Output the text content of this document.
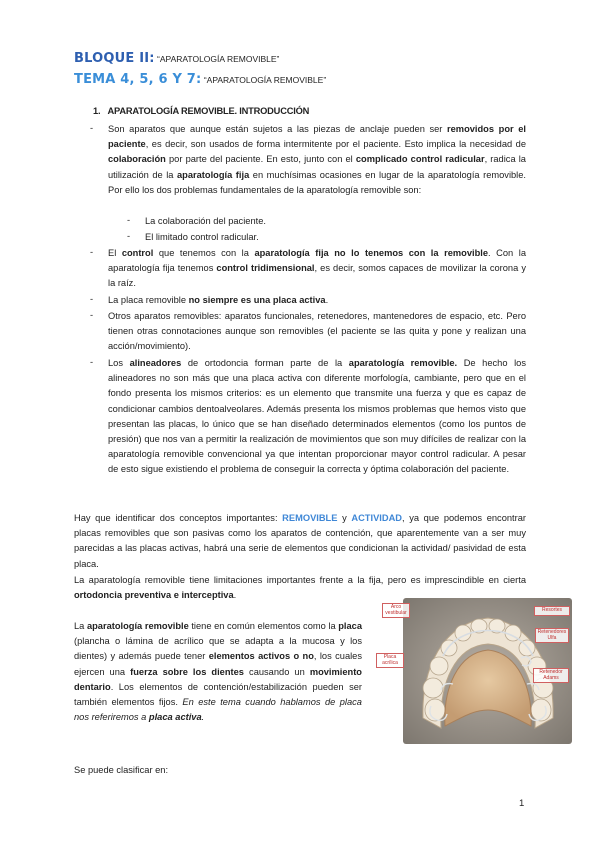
BLOQUE II: “APARATOLOGÍA REMOVIBLE”
TEMA 4, 5, 6 Y 7: “APARATOLOGÍA REMOVIBLE”
1. APARATOLOGÍA REMOVIBLE. INTRODUCCIÓN
- Son aparatos que aunque están sujetos a las piezas de anclaje pueden ser removidos por el paciente, es decir, son usados de forma intermitente por el paciente. Esto implica la necesidad de colaboración por parte del paciente. En esto, junto con el complicado control radicular, radica la utilización de la aparatología fija en muchísimas ocasiones en lugar de la aparatología removible. Por ello los dos problemas fundamentales de la aparatología removible son:
- La colaboración del paciente.
- El limitado control radicular.
- El control que tenemos con la aparatología fija no lo tenemos con la removible. Con la aparatología fija tenemos control tridimensional, es decir, somos capaces de movilizar la corona y la raíz.
- La placa removible no siempre es una placa activa.
- Otros aparatos removibles: aparatos funcionales, retenedores, mantenedores de espacio, etc. Pero tienen otras connotaciones aunque son removibles (el paciente se las quita y pone y realizan una acción/movimiento).
- Los alineadores de ortodoncia forman parte de la aparatología removible. De hecho los alineadores no son más que una placa activa con diferente morfología, cambiante, pero que en el fondo presenta los mismos criterios: es un elemento que transmite una fuerza y que es capaz de condicionar cambios dentoalveolares. Además presenta los mismos problemas que hemos visto que presentan las placas, lo único que se han diseñado determinados elementos (como los puntos de presión) que nos van a permitir la realización de movimientos que son muy difíciles de realizar con la aparatología removible convencional ya que intentan proporcionar mayor control radicular. A pesar de esto sigue existiendo el problema de conseguir la correcta y óptima colaboración del paciente.
Hay que identificar dos conceptos importantes: REMOVIBLE y ACTIVIDAD, ya que podemos encontrar placas removibles que son pasivas como los aparatos de contención, que aparentemente van a ser muy parecidas a las placas activas, habrá una serie de elementos que condicionan la actividad/ pasividad de esta placa.
La aparatología removible tiene limitaciones importantes frente a la fija, pero es imprescindible en cierta ortodoncia preventiva e interceptiva.
La aparatología removible tiene en común elementos como la placa (plancha o lámina de acrílico que se adapta a la mucosa y los dientes) y además puede tener elementos activos o no, los cuales ejercen una fuerza sobre los dientes causando un movimiento dentario. Los elementos de contención/estabilización pueden ser también elementos fijos. En este tema cuando hablamos de placa nos referiremos a placa activa.
Resortes
Retenedores Ulfa
Retenedor Adams
Arco vestibular
Placa acrílica
Se puede clasificar en:
1
